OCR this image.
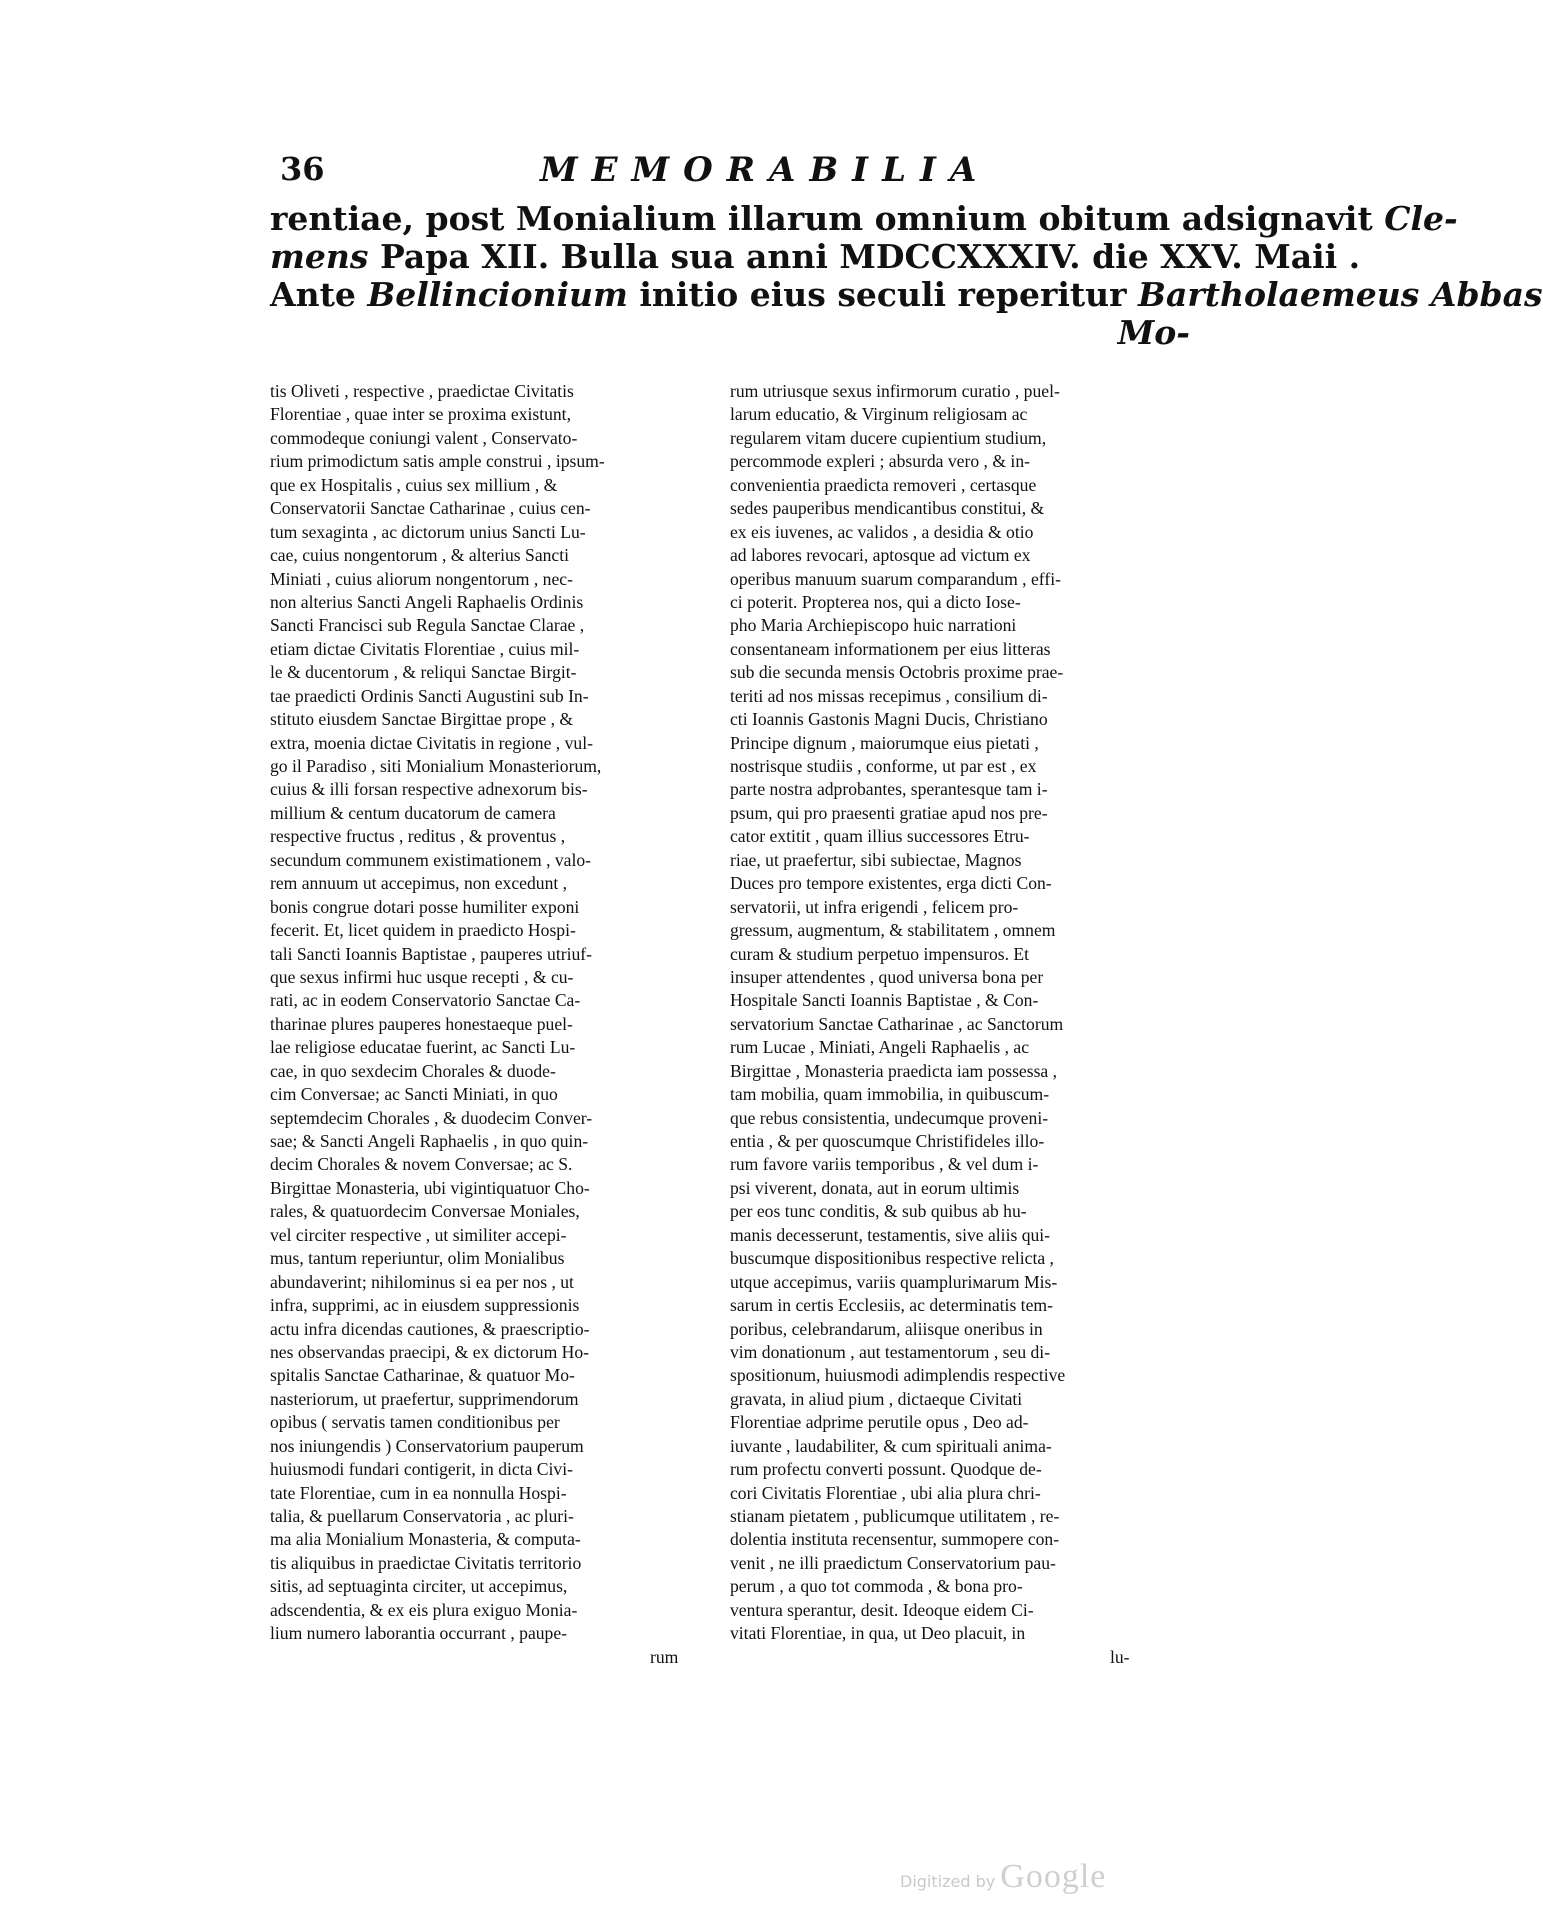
36	MEMORABILIA
rentiae, post Monialium illarum omnium obitum adsignavit Cle-
mens Papa XII. Bulla sua anni MDCCXXXIV. die XXV. Maii .
Ante Bellincionium initio eius seculi reperitur Bartholaemeus Abbas
Mo-
tis Oliveti , respective , praedictae Civitatis
Florentiae , quae inter se proxima existunt,
commodeque coniungi valent , Conservato-
rium primodictum satis ample construi , ipsum-
que ex Hospitalis , cuius sex millium , &
Conservatorii Sanctae Catharinae , cuius cen-
tum sexaginta , ac dictorum unius Sancti Lu-
cae, cuius nongentorum , & alterius Sancti
Miniati , cuius aliorum nongentorum , nec-
non alterius Sancti Angeli Raphaelis Ordinis
Sancti Francisci sub Regula Sanctae Clarae ,
etiam dictae Civitatis Florentiae , cuius mil-
le & ducentorum , & reliqui Sanctae Birgit-
tae praedicti Ordinis Sancti Augustini sub In-
stituto eiusdem Sanctae Birgittae prope , &
extra, moenia dictae Civitatis in regione , vul-
go il Paradiso , siti Monialium Monasteriorum,
cuius & illi forsan respective adnexorum bis-
millium & centum ducatorum de camera
respective fructus , reditus , & proventus ,
secundum communem existimationem , valo-
rem annuum ut accepimus, non excedunt ,
bonis congrue dotari posse humiliter exponi
fecerit. Et, licet quidem in praedicto Hospi-
tali Sancti Ioannis Baptistae , pauperes utriuf-
que sexus infirmi huc usque recepti , & cu-
rati, ac in eodem Conservatorio Sanctae Ca-
tharinae plures pauperes honestaeque puel-
lae religiose educatae fuerint, ac Sancti Lu-
cae, in quo sexdecim Chorales & duode-
cim Conversae; ac Sancti Miniati, in quo
septemdecim Chorales , & duodecim Conver-
sae; & Sancti Angeli Raphaelis , in quo quin-
decim Chorales & novem Conversae; ac S.
Birgittae Monasteria, ubi vigintiquatuor Cho-
rales, & quatuordecim Conversae Moniales,
vel circiter respective , ut similiter accepi-
mus, tantum reperiuntur, olim Monialibus
abundaverint; nihilominus si ea per nos , ut
infra, supprimi, ac in eiusdem suppressionis
actu infra dicendas cautiones, & praescriptio-
nes observandas praecipi, & ex dictorum Ho-
spitalis Sanctae Catharinae, & quatuor Mo-
nasteriorum, ut praefertur, supprimendorum
opibus ( servatis tamen conditionibus per
nos iniungendis ) Conservatorium pauperum
huiusmodi fundari contigerit, in dicta Civi-
tate Florentiae, cum in ea nonnulla Hospi-
talia, & puellarum Conservatoria , ac pluri-
ma alia Monialium Monasteria, & computa-
tis aliquibus in praedictae Civitatis territorio
sitis, ad septuaginta circiter, ut accepimus,
adscendentia, & ex eis plura exiguo Moniа-
lium numero laborantia occurrant , paupe-
rum
rum utriusque sexus infirmorum curatio , puel-
larum educatio, & Virginum religiosam ac
regularem vitam ducere cupientium studium,
percommode expleri ; absurda vero , & in-
convenientia praedicta removeri , certasque
sedes pauperibus mendicantibus constitui, &
ex eis iuvenes, ac validos , a desidia & otio
ad labores revocari, aptosque ad victum ex
operibus manuum suarum comparandum , effi-
ci poterit. Propterea nos, qui a dicto Iose-
pho Maria Archiepiscopo huic narrationi
consentaneam informationem per eius litteras
sub die secunda mensis Octobris proxime prae-
teriti ad nos missas recepimus , consilium di-
cti Ioannis Gastonis Magni Ducis, Christiano
Principe dignum , maiorumque eius pietati ,
nostrisque studiis , conforme, ut par est , ex
parte nostra adprobantes, sperantesque tam i-
psum, qui pro praesenti gratiae apud nos pre-
cator extitit , quam illius successores Etru-
riae, ut praefertur, sibi subiectae, Magnos
Duces pro tempore existentes, erga dicti Con-
servatorii, ut infra erigendi , felicem pro-
gressum, augmentum, & stabilitatem , omnem
curam & studium perpetuo impensuros. Et
insuper attendentes , quod universa bona per
Hospitale Sancti Ioannis Baptistae , & Con-
servatorium Sanctae Catharinae , ac Sanctorum
rum Lucae , Miniati, Angeli Raphaelis , ac
Birgittae , Monasteria praedicta iam possessa ,
tam mobilia, quam immobilia, in quibuscum-
que rebus consistentia, undecumque proveni-
entia , & per quoscumque Christifideles illo-
rum favore variis temporibus , & vel dum i-
psi viverent, donata, aut in eorum ultimis
per eos tunc conditis, & sub quibus ab hu-
manis decesserunt, testamentis, sive aliis qui-
buscumque dispositionibus respective relicta ,
utque accepimus, variis quampluriмarum Mis-
sarum in certis Ecclesiis, ac determinatis tem-
poribus, celebrandarum, aliisque oneribus in
vim donationum , aut testamentorum , seu di-
spositionum, huiusmodi adimplendis respective
gravata, in aliud pium , dictaeque Civitati
Florentiae adprime perutile opus , Deo ad-
iuvante , laudabiliter, & cum spiritualі anima-
rum profectu converti possunt. Quodque de-
cori Civitatis Florentiae , ubi alia plura chri-
stianam pietatem , publicumque utilitatem , re-
dolentia instituta recensentur, summopere con-
venit , ne illi praedictum Conservatorium pau-
perum , a quo tot commoda , & bona pro-
ventura sperantur, desit. Ideoque eidem Ci-
vitati Florentiae, in qua, ut Deo placuit, in
lu-
Digitized by Google
